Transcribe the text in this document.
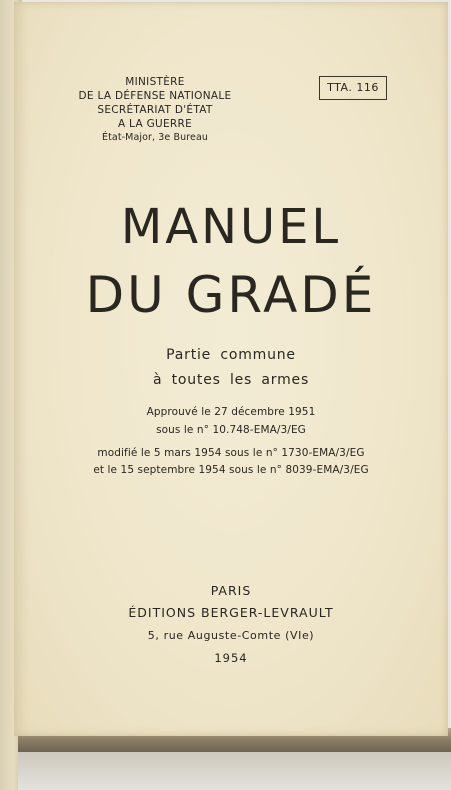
MINISTÈRE
DE LA DÉFENSE NATIONALE
SECRÉTARIAT D'ÉTAT
A LA GUERRE
État-Major, 3e Bureau
TTA. 116
MANUEL
DU GRADÉ
Partie commune
à toutes les armes
Approuvé le 27 décembre 1951
sous le n° 10.748-EMA/3/EG
modifié le 5 mars 1954 sous le n° 1730-EMA/3/EG
et le 15 septembre 1954 sous le n° 8039-EMA/3/EG
PARIS
ÉDITIONS BERGER-LEVRAULT
5, rue Auguste-Comte (VIe)
1954
